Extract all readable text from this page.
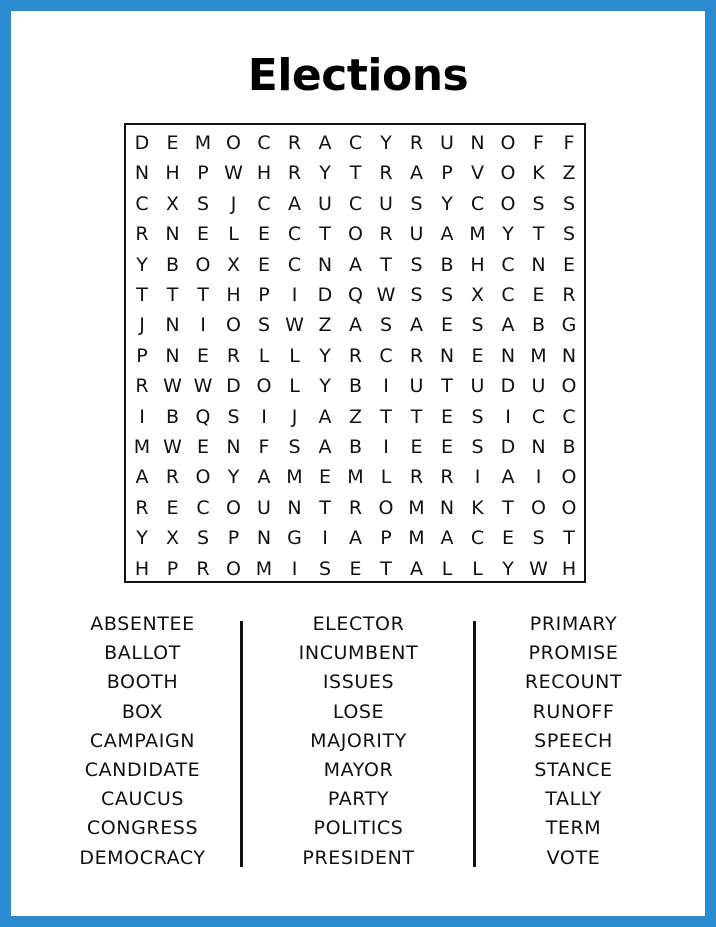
Elections
D E M O C R A C Y R U N O F	F
N H P W H R Y T R A P V O K Z
C X S	J	C A U C U S Y C O S S
R N E	L	E C T O R U A M Y T S
Y B O X E C N A T S B H C N E
T T T H P	I	D Q W S S X C E R
J	N	I	O S W Z A S A E S A B G
P N E R L	L	Y R C R N E N M N
R W W D O L	Y B	I	U T U D U O
I	B Q S	I	J	A Z T T E S	I	C C
M W E N F	S A B	I	E E S D N B
A R O Y A M E M L R R	I	A	I	O
R E C O U N T R O M N K T O O
Y X S P N G	I	A P M A C E S T
H P R O M	I	S E T A L	L	Y W H
ABSENTEE
BALLOT
BOOTH
BOX
CAMPAIGN
CANDIDATE
CAUCUS
CONGRESS
DEMOCRACY
ELECTOR
INCUMBENT
ISSUES
LOSE
MAJORITY
MAYOR
PARTY
POLITICS
PRESIDENT
PRIMARY
PROMISE
RECOUNT
RUNOFF
SPEECH
STANCE
TALLY
TERM
VOTE
